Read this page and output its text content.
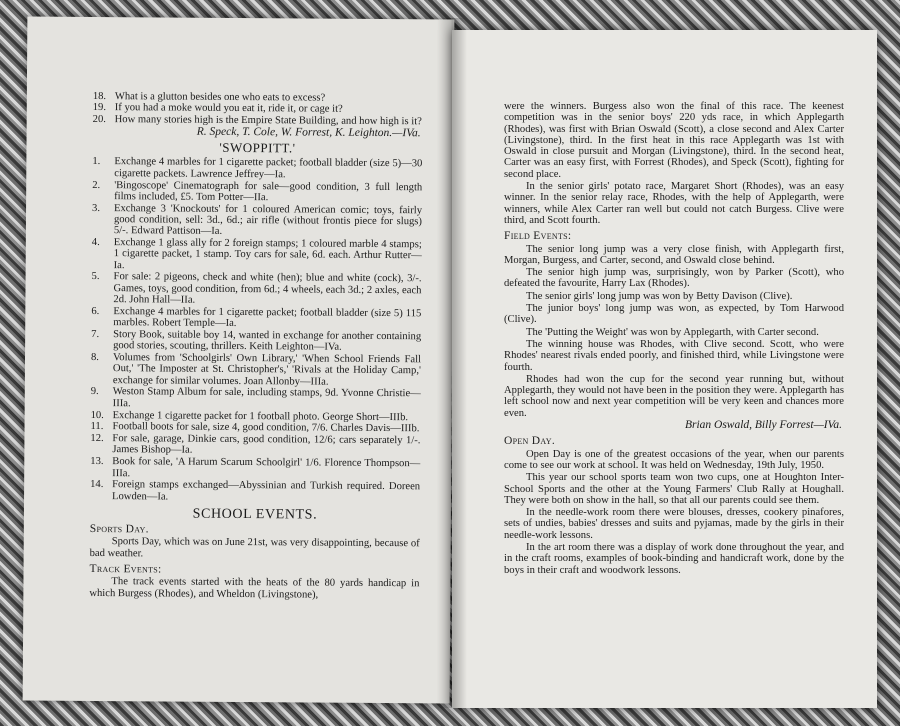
18. What is a glutton besides one who eats to excess?
19. If you had a moke would you eat it, ride it, or cage it?
20. How many stories high is the Empire State Building, and how high is it?
R. Speck, T. Cole, W. Forrest, K. Leighton.—IVa.
'SWOPPITT.'
1. Exchange 4 marbles for 1 cigarette packet; football bladder (size 5)—30 cigarette packets. Lawrence Jeffrey—Ia.
2. 'Bingoscope' Cinematograph for sale—good condition, 3 full length films included, £5. Tom Potter—IIa.
3. Exchange 3 'Knockouts' for 1 coloured American comic; toys, fairly good condition, sell: 3d., 6d.; air rifle (without frontis piece for slugs) 5/-. Edward Pattison—Ia.
4. Exchange 1 glass ally for 2 foreign stamps; 1 coloured marble 4 stamps; 1 cigarette packet, 1 stamp. Toy cars for sale, 6d. each. Arthur Rutter—Ia.
5. For sale: 2 pigeons, check and white (hen); blue and white (cock), 3/-. Games, toys, good condition, from 6d.; 4 wheels, each 3d.; 2 axles, each 2d. John Hall—IIa.
6. Exchange 4 marbles for 1 cigarette packet; football bladder (size 5) 115 marbles. Robert Temple—Ia.
7. Story Book, suitable boy 14, wanted in exchange for another containing good stories, scouting, thrillers. Keith Leighton—IVa.
8. Volumes from 'Schoolgirls' Own Library,' 'When School Friends Fall Out,' 'The Imposter at St. Christopher's,' 'Rivals at the Holiday Camp,' exchange for similar volumes. Joan Allonby—IIIa.
9. Weston Stamp Album for sale, including stamps, 9d. Yvonne Christie—IIIa.
10. Exchange 1 cigarette packet for 1 football photo. George Short—IIIb.
11. Football boots for sale, size 4, good condition, 7/6. Charles Davis—IIIb.
12. For sale, garage, Dinkie cars, good condition, 12/6; cars separately 1/-. James Bishop—Ia.
13. Book for sale, 'A Harum Scarum Schoolgirl' 1/6. Florence Thompson—IIIa.
14. Foreign stamps exchanged—Abyssinian and Turkish required. Doreen Lowden—Ia.
SCHOOL EVENTS.
Sports Day.

Sports Day, which was on June 21st, was very disappointing, because of bad weather.

Track Events:

The track events started with the heats of the 80 yards handicap in which Burgess (Rhodes), and Wheldon (Livingstone),

were the winners. Burgess also won the final of this race. The keenest competition was in the senior boys' 220 yds race, in which Applegarth (Rhodes), was first with Brian Oswald (Scott), a close second and Alex Carter (Livingstone), third. In the first heat in this race Applegarth was 1st with Oswald in close pursuit and Morgan (Livingstone), third. In the second heat, Carter was an easy first, with Forrest (Rhodes), and Speck (Scott), fighting for second place.

In the senior girls' potato race, Margaret Short (Rhodes), was an easy winner. In the senior relay race, Rhodes, with the help of Applegarth, were winners, while Alex Carter ran well but could not catch Burgess. Clive were third, and Scott fourth.

Field Events:

The senior long jump was a very close finish, with Applegarth first, Morgan, Burgess, and Carter, second, and Oswald close behind.

The senior high jump was, surprisingly, won by Parker (Scott), who defeated the favourite, Harry Lax (Rhodes).

The senior girls' long jump was won by Betty Davison (Clive).

The junior boys' long jump was won, as expected, by Tom Harwood (Clive).

The 'Putting the Weight' was won by Applegarth, with Carter second.

The winning house was Rhodes, with Clive second. Scott, who were Rhodes' nearest rivals ended poorly, and finished third, while Livingstone were fourth.

Rhodes had won the cup for the second year running but, without Applegarth, they would not have been in the position they were. Applegarth has left school now and next year competition will be very keen and chances more even.

Brian Oswald, Billy Forrest—IVa.
Open Day.

Open Day is one of the greatest occasions of the year, when our parents come to see our work at school. It was held on Wednesday, 19th July, 1950.

This year our school sports team won two cups, one at Houghton Inter-School Sports and the other at the Young Farmers' Club Rally at Houghall. They were both on show in the hall, so that all our parents could see them.

In the needle-work room there were blouses, dresses, cookery pinafores, sets of undies, babies' dresses and suits and pyjamas, made by the girls in their needle-work lessons.

In the art room there was a display of work done throughout the year, and in the craft rooms, examples of book-binding and handicraft work, done by the boys in their craft and woodwork lessons.
